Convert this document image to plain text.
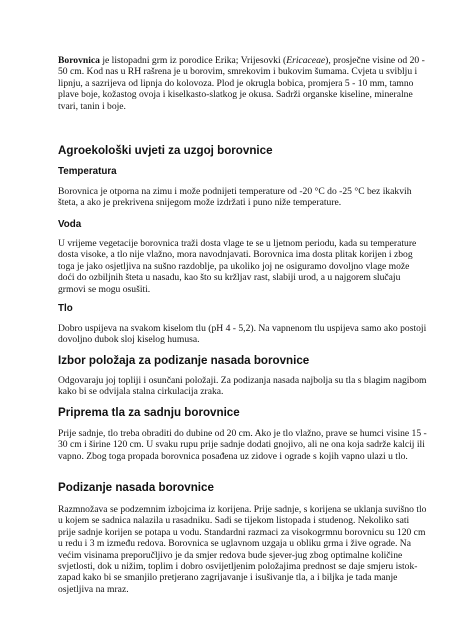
Borovnica je listopadni grm iz porodice Erika; Vrijesovki (Ericaceae), prosječne visine od 20 - 50 cm. Kod nas u RH rašrena je u borovim, smrekovim i bukovim šumama. Cvjeta u sviblju i lipnju, a sazrijeva od lipnja do kolovoza. Plod je okrugla bobica, promjera 5 - 10 mm, tamno plave boje, kožastog ovoja i kiselkasto-slatkog je okusa. Sadrži organske kiseline, mineralne tvari, tanin i boje.

Agroekološki uvjeti za uzgoj borovnice
Temperatura

Borovnica je otporna na zimu i može podnijeti temperature od -20 °C do -25 °C bez ikakvih šteta, a ako je prekrivena snijegom može izdržati i puno niže temperature.

Voda

U vrijeme vegetacije borovnica traži dosta vlage te se u ljetnom periodu, kada su temperature dosta visoke, a tlo nije vlažno, mora navodnjavati. Borovnica ima dosta plitak korijen i zbog toga je jako osjetljiva na sušno razdoblje, pa ukoliko joj ne osiguramo dovoljno vlage može doći do ozbiljnih šteta u nasadu, kao što su kržljav rast, slabiji urod, a u najgorem slučaju grmovi se mogu osušiti.

Tlo

Dobro uspijeva na svakom kiselom tlu (pH 4 - 5,2). Na vapnenom tlu uspijeva samo ako postoji dovoljno dubok sloj kiselog humusa.

Izbor položaja za podizanje nasada borovnice

Odgovaraju joj topliji i osunčani položaji. Za podizanja nasada najbolja su tla s blagim nagibom kako bi se odvijala stalna cirkulacija zraka.

Priprema tla za sadnju borovnice

Prije sadnje, tlo treba obraditi do dubine od 20 cm. Ako je tlo vlažno, prave se humci visine 15 - 30 cm i širine 120 cm. U svaku rupu prije sadnje dodati gnojivo, ali ne ona koja sadrže kalcij ili vapno. Zbog toga propada borovnica posađena uz zidove i ograde s kojih vapno ulazi u tlo.

Podizanje nasada borovnice

Razmnožava se podzemnim izbojcima iz korijena. Prije sadnje, s korijena se uklanja suvišno tlo u kojem se sadnica nalazila u rasadniku. Sadi se tijekom listopada i studenog. Nekoliko sati prije sadnje korijen se potapa u vodu. Standardni razmaci za visokogrmnu borovnicu su 120 cm u redu i 3 m između redova. Borovnica se uglavnom uzgaja u obliku grma i žive ograde. Na većim visinama preporučljivo je da smjer redova bude sjever-jug zbog optimalne količine svjetlosti, dok u nižim, toplim i dobro osvijetljenim položajima prednost se daje smjeru istok-zapad kako bi se smanjilo pretjerano zagrijavanje i isušivanje tla, a i biljka je tada manje osjetljiva na mraz.
